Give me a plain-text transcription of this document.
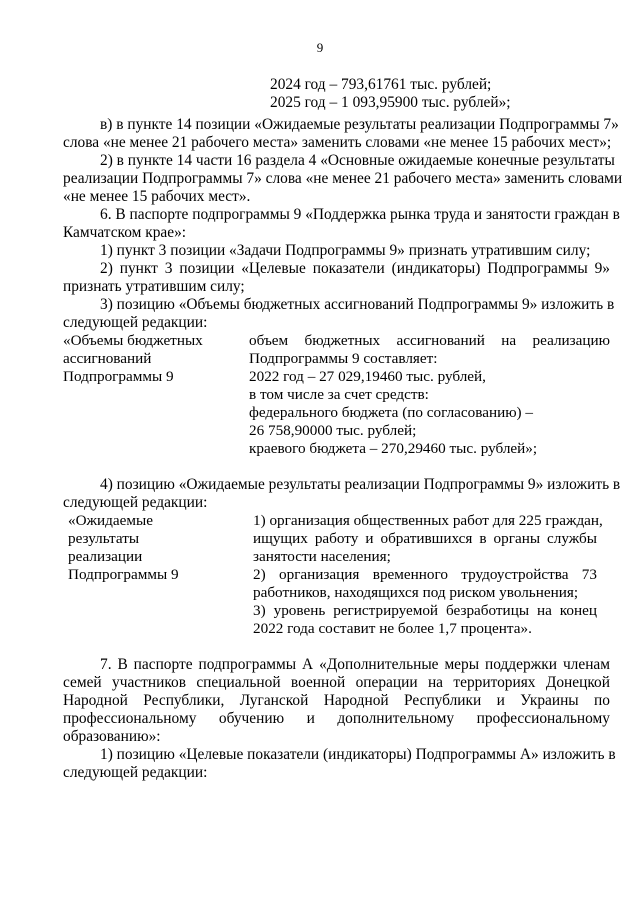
9
2024 год – 793,61761 тыс. рублей;
2025 год – 1 093,95900 тыс. рублей»;
в) в пункте 14 позиции «Ожидаемые результаты реализации Подпрограммы 7»
слова «не менее 21 рабочего места» заменить словами «не менее 15 рабочих мест»;
2) в пункте 14 части 16 раздела 4 «Основные ожидаемые конечные результаты
реализации Подпрограммы 7» слова «не менее 21 рабочего места» заменить словами
«не менее 15 рабочих мест».
6. В паспорте подпрограммы 9 «Поддержка рынка труда и занятости граждан в
Камчатском крае»:
1) пункт 3 позиции «Задачи Подпрограммы 9» признать утратившим силу;
2) пункт 3 позиции «Целевые показатели (индикаторы) Подпрограммы 9»
признать утратившим силу;
3) позицию «Объемы бюджетных ассигнований Подпрограммы 9» изложить в
следующей редакции:
«Объемы бюджетных
ассигнований
Подпрограммы 9
объем бюджетных ассигнований на реализацию
Подпрограммы 9 составляет:
2022 год – 27 029,19460 тыс. рублей,
в том числе за счет средств:
федерального бюджета (по согласованию) –
26 758,90000 тыс. рублей;
краевого бюджета – 270,29460 тыс. рублей»;
4) позицию «Ожидаемые результаты реализации Подпрограммы 9» изложить в
следующей редакции:
«Ожидаемые
результаты
реализации
Подпрограммы 9
1) организация общественных работ для 225 граждан,
ищущих работу и обратившихся в органы службы
занятости населения;
2) организация временного трудоустройства 73
работников, находящихся под риском увольнения;
3) уровень регистрируемой безработицы на конец
2022 года составит не более 1,7 процента».
7. В паспорте подпрограммы А «Дополнительные меры поддержки членам
семей участников специальной военной операции на территориях Донецкой
Народной Республики, Луганской Народной Республики и Украины по
профессиональному обучению и дополнительному профессиональному
образованию»:
1) позицию «Целевые показатели (индикаторы) Подпрограммы А» изложить в
следующей редакции:
